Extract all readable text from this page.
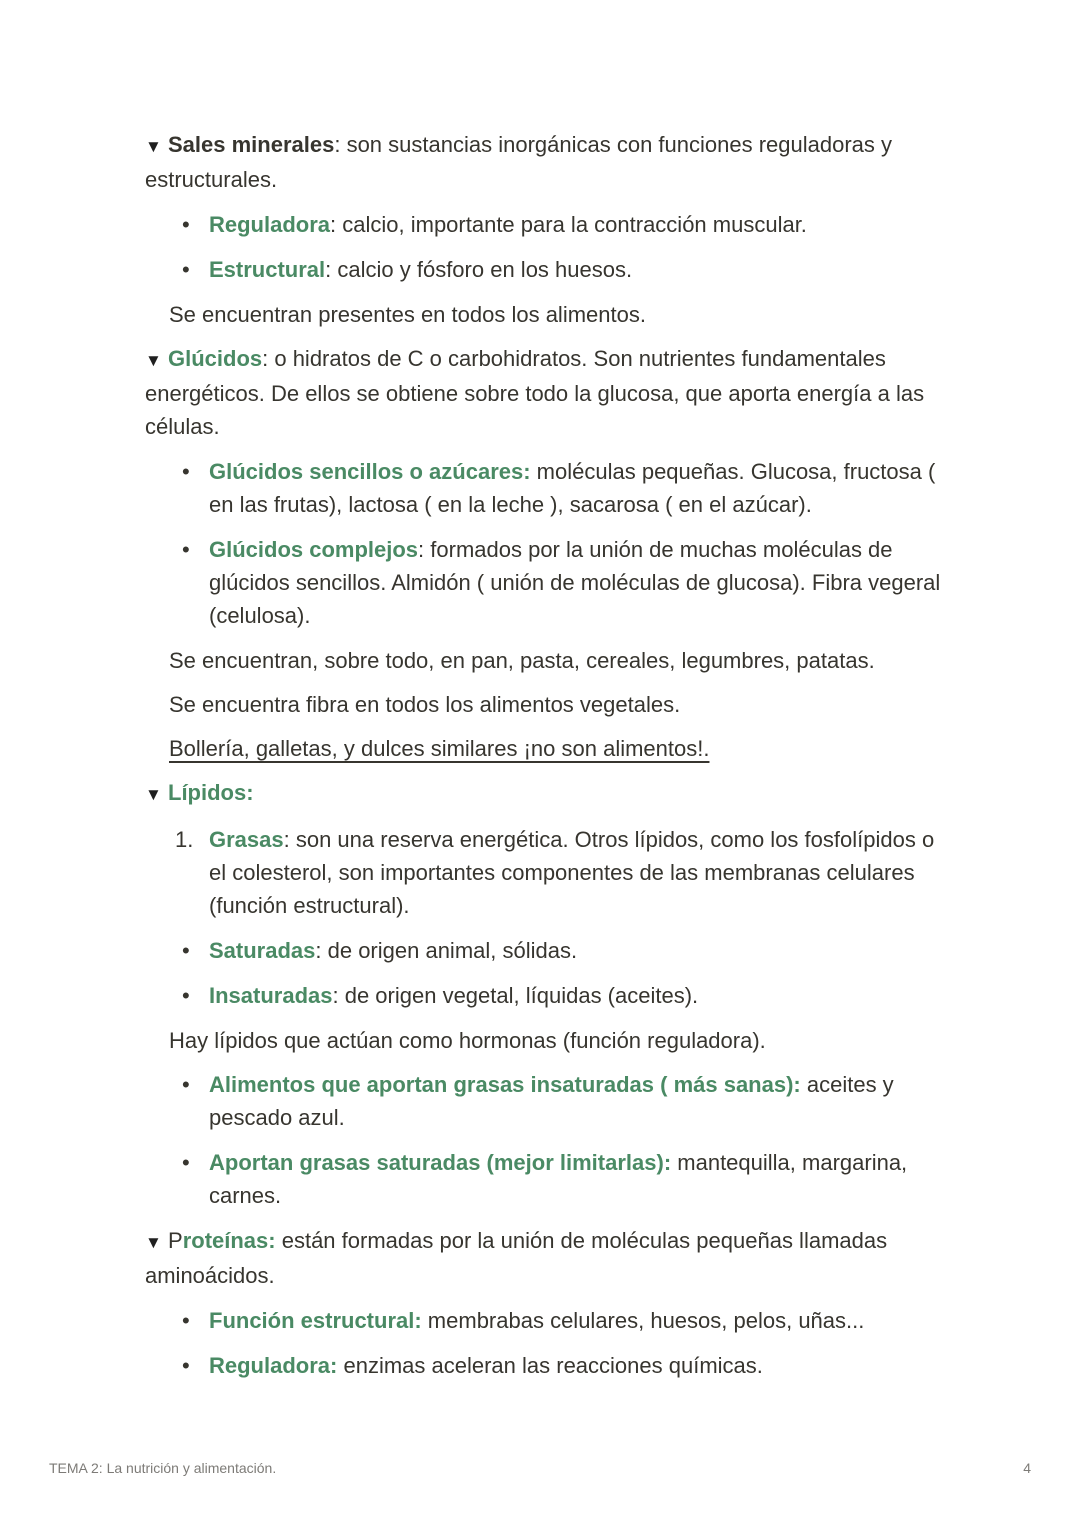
▼ Sales minerales: son sustancias inorgánicas con funciones reguladoras y estructurales.
• Reguladora: calcio, importante para la contracción muscular.
• Estructural: calcio y fósforo en los huesos.
Se encuentran presentes en todos los alimentos.
▼ Glúcidos: o hidratos de C o carbohidratos. Son nutrientes fundamentales energéticos. De ellos se obtiene sobre todo la glucosa, que aporta energía a las células.
• Glúcidos sencillos o azúcares: moléculas pequeñas. Glucosa, fructosa ( en las frutas), lactosa ( en la leche ), sacarosa ( en el azúcar).
• Glúcidos complejos: formados por la unión de muchas moléculas de glúcidos sencillos. Almidón ( unión de moléculas de glucosa). Fibra vegeral (celulosa).
Se encuentran, sobre todo, en pan, pasta, cereales, legumbres, patatas.
Se encuentra fibra en todos los alimentos vegetales.
Bollería, galletas, y dulces similares ¡no son alimentos!.
▼ Lípidos:
1. Grasas: son una reserva energética. Otros lípidos, como los fosfolípidos o el colesterol, son importantes componentes de las membranas celulares (función estructural).
• Saturadas: de origen animal, sólidas.
• Insaturadas: de origen vegetal, líquidas (aceites).
Hay lípidos que actúan como hormonas (función reguladora).
• Alimentos que aportan grasas insaturadas ( más sanas): aceites y pescado azul.
• Aportan grasas saturadas (mejor limitarlas): mantequilla, margarina, carnes.
▼ Proteínas: están formadas por la unión de moléculas pequeñas llamadas aminoácidos.
• Función estructural: membrabas celulares, huesos, pelos, uñas...
• Reguladora: enzimas aceleran las reacciones químicas.
TEMA 2: La nutrición y alimentación.	4
